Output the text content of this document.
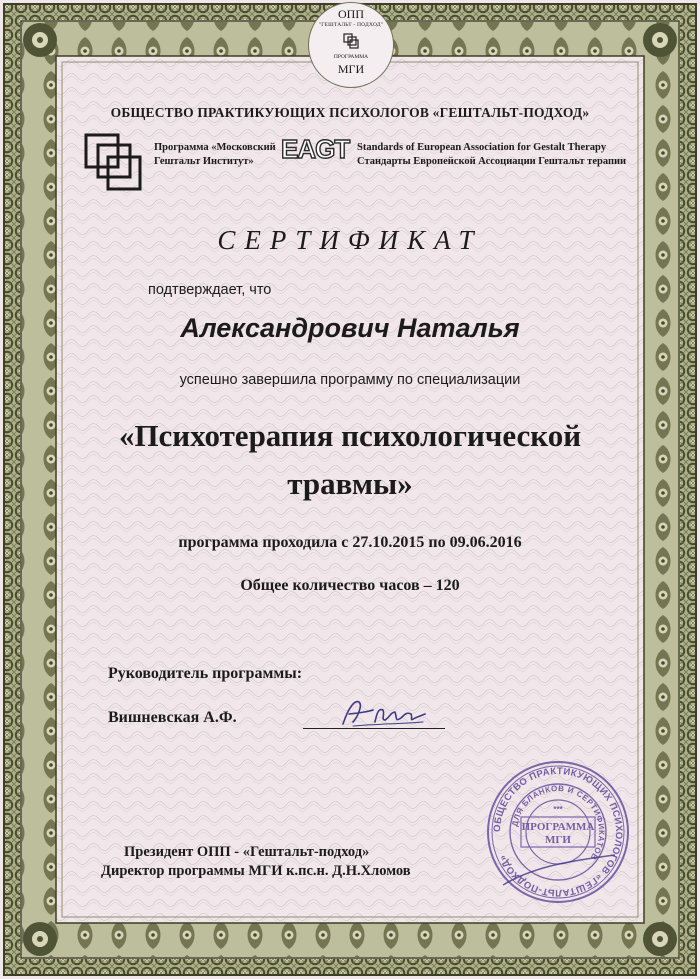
ОПП
"ГЕШТАЛЬТ - ПОДХОД"
ПРОГРАММА
МГИ
ОБЩЕСТВО ПРАКТИКУЮЩИХ ПСИХОЛОГОВ «ГЕШТАЛЬТ-ПОДХОД»
Программа «Московский
Гештальт Институт» EAGT Standards of European Association for Gestalt Therapy
Стандарты Европейской Ассоциации Гештальт терапии
СЕРТИФИКАТ
подтверждает, что
Александрович Наталья
успешно завершила программу по специализации
«Психотерапия психологической
травмы»
программа проходила с 27.10.2015 по 09.06.2016
Общее количество часов – 120
Руководитель программы:
Вишневская А.Ф.
Президент ОПП - «Гештальт-подход»
Директор программы МГИ к.пс.н. Д.Н.Хломов
ОБЩЕСТВО ПРАКТИКУЮЩИХ ПСИХОЛОГОВ «ГЕШТАЛЬТ-ПОДХОД»
ДЛЯ БЛАНКОВ И СЕРТИФИКАТОВ
***
ПРОГРАММА
МГИ
